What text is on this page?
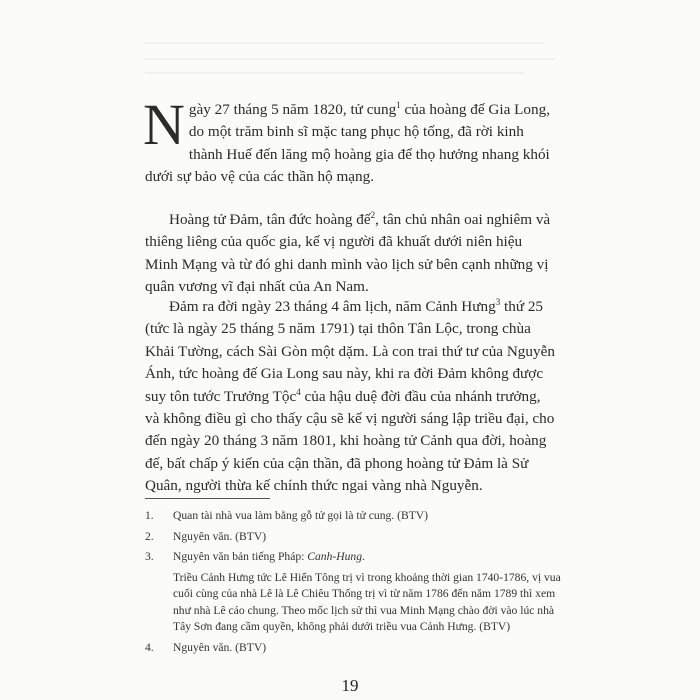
Ngày 27 tháng 5 năm 1820, tử cung$^1$ của hoàng đế Gia Long, do một trăm binh sĩ mặc tang phục hộ tống, đã rời kinh thành Huế đến lăng mộ hoàng gia để thọ hưởng nhang khói dưới sự bảo vệ của các thần hộ mạng.

Hoàng tử Đảm, tân đức hoàng đế$^2$, tân chủ nhân oai nghiêm và thiêng liêng của quốc gia, kế vị người đã khuất dưới niên hiệu Minh Mạng và từ đó ghi danh mình vào lịch sử bên cạnh những vị quân vương vĩ đại nhất của An Nam.

Đảm ra đời ngày 23 tháng 4 âm lịch, năm Cảnh Hưng$^3$ thứ 25 (tức là ngày 25 tháng 5 năm 1791) tại thôn Tân Lộc, trong chùa Khải Tường, cách Sài Gòn một dặm. Là con trai thứ tư của Nguyễn Ánh, tức hoàng đế Gia Long sau này, khi ra đời Đảm không được suy tôn tước Trưởng Tộc$^4$ của hậu duệ đời đầu của nhánh trưởng, và không điều gì cho thấy cậu sẽ kế vị người sáng lập triều đại, cho đến ngày 20 tháng 3 năm 1801, khi hoàng tử Cảnh qua đời, hoàng đế, bất chấp ý kiến của cận thần, đã phong hoàng tử Đảm là Sử Quân, người thừa kế chính thức ngai vàng nhà Nguyễn.

1.	Quan tài nhà vua làm bằng gỗ tử gọi là tử cung. (BTV)
2.	Nguyên văn. (BTV)
3.	Nguyên văn bản tiếng Pháp: Canh-Hung.
Triều Cảnh Hưng tức Lê Hiển Tông trị vì trong khoảng thời gian 1740-1786, vị vua cuối cùng của nhà Lê là Lê Chiêu Thống trị vì từ năm 1786 đến năm 1789 thì xem như nhà Lê cáo chung. Theo mốc lịch sử thì vua Minh Mạng chào đời vào lúc nhà Tây Sơn đang cầm quyền, không phải dưới triều vua Cảnh Hưng. (BTV)
4.	Nguyên văn. (BTV)
19
